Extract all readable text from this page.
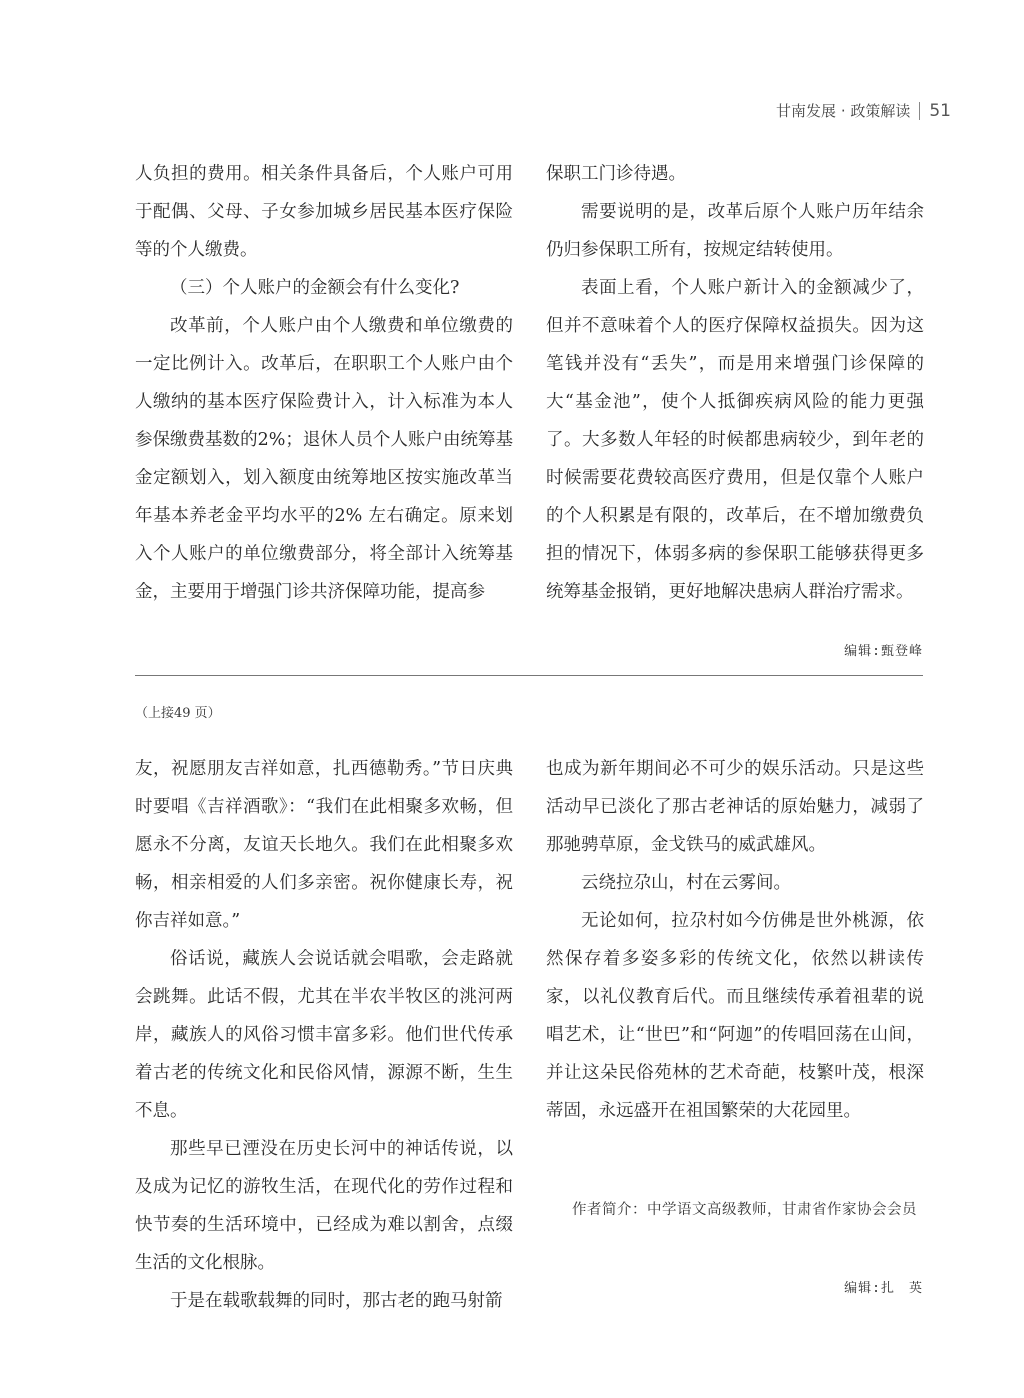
甘南发展 · 政策解读 51

人负担的费用。相关条件具备后，个人账户可用于配偶、父母、子女参加城乡居民基本医疗保险等的个人缴费。

（三）个人账户的金额会有什么变化?

改革前，个人账户由个人缴费和单位缴费的一定比例计入。改革后，在职职工个人账户由个人缴纳的基本医疗保险费计入，计入标准为本人参保缴费基数的2%；退休人员个人账户由统筹基金定额划入，划入额度由统筹地区按实施改革当年基本养老金平均水平的2% 左右确定。原来划入个人账户的单位缴费部分，将全部计入统筹基金，主要用于增强门诊共济保障功能，提高参

保职工门诊待遇。

需要说明的是，改革后原个人账户历年结余仍归参保职工所有，按规定结转使用。

表面上看，个人账户新计入的金额减少了，但并不意味着个人的医疗保障权益损失。因为这笔钱并没有“丢失”，而是用来增强门诊保障的大“基金池”，使个人抵御疾病风险的能力更强了。大多数人年轻的时候都患病较少，到年老的时候需要花费较高医疗费用，但是仅靠个人账户的个人积累是有限的，改革后，在不增加缴费负担的情况下，体弱多病的参保职工能够获得更多统筹基金报销，更好地解决患病人群治疗需求。

编辑:甄登峰
（上接49 页）

友，祝愿朋友吉祥如意，扎西德勒秀。”节日庆典时要唱《吉祥酒歌》：“我们在此相聚多欢畅，但愿永不分离，友谊天长地久。我们在此相聚多欢畅，相亲相爱的人们多亲密。祝你健康长寿，祝你吉祥如意。”

俗话说，藏族人会说话就会唱歌，会走路就会跳舞。此话不假，尤其在半农半牧区的洮河两岸，藏族人的风俗习惯丰富多彩。他们世代传承着古老的传统文化和民俗风情，源源不断，生生不息。

那些早已湮没在历史长河中的神话传说，以及成为记忆的游牧生活，在现代化的劳作过程和快节奏的生活环境中，已经成为难以割舍，点缀生活的文化根脉。

于是在载歌载舞的同时，那古老的跑马射箭

也成为新年期间必不可少的娱乐活动。只是这些活动早已淡化了那古老神话的原始魅力，减弱了那驰骋草原，金戈铁马的威武雄风。

云绕拉尕山，村在云雾间。

无论如何，拉尕村如今仿佛是世外桃源，依然保存着多姿多彩的传统文化，依然以耕读传家，以礼仪教育后代。而且继续传承着祖辈的说唱艺术，让“世巴”和“阿迦”的传唱回荡在山间，并让这朵民俗苑林的艺术奇葩，枝繁叶茂，根深蒂固，永远盛开在祖国繁荣的大花园里。

作者简介：中学语文高级教师，甘肃省作家协会会员
编辑:扎　英
